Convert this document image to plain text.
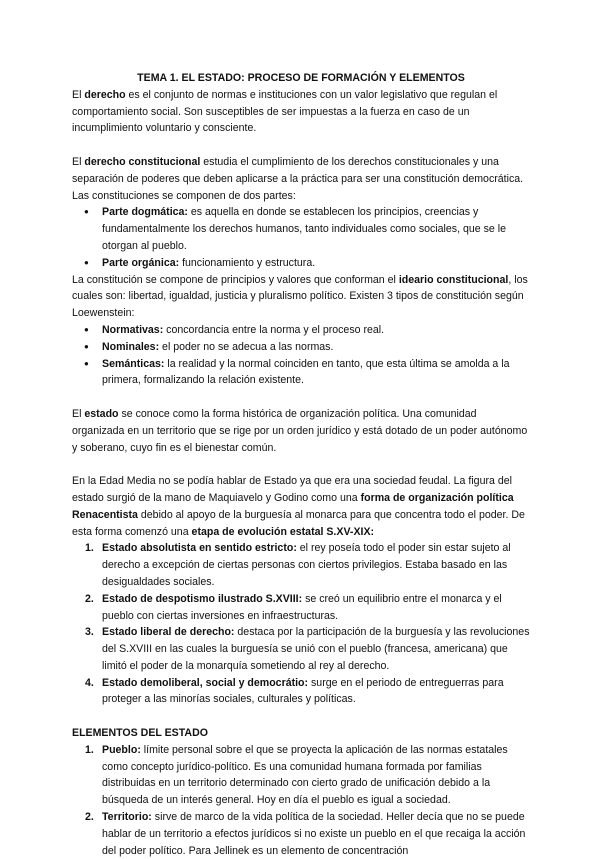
TEMA 1. EL ESTADO: PROCESO DE FORMACIÓN Y ELEMENTOS

El derecho es el conjunto de normas e instituciones con un valor legislativo que regulan el comportamiento social. Son susceptibles de ser impuestas a la fuerza en caso de un incumplimiento voluntario y consciente.

El derecho constitucional estudia el cumplimiento de los derechos constitucionales y una separación de poderes que deben aplicarse a la práctica para ser una constitución democrática. Las constituciones se componen de dos partes:

● Parte dogmática: es aquella en donde se establecen los principios, creencias y fundamentalmente los derechos humanos, tanto individuales como sociales, que se le otorgan al pueblo.
● Parte orgánica: funcionamiento y estructura.

La constitución se compone de principios y valores que conforman el ideario constitucional, los cuales son: libertad, igualdad, justicia y pluralismo político. Existen 3 tipos de constitución según Loewenstein:

● Normativas: concordancia entre la norma y el proceso real.
● Nominales: el poder no se adecua a las normas.
● Semánticas: la realidad y la normal coinciden en tanto, que esta última se amolda a la primera, formalizando la relación existente.

El estado se conoce como la forma histórica de organización política. Una comunidad organizada en un territorio que se rige por un orden jurídico y está dotado de un poder autónomo y soberano, cuyo fin es el bienestar común.

En la Edad Media no se podía hablar de Estado ya que era una sociedad feudal. La figura del estado surgió de la mano de Maquiavelo y Godino como una forma de organización política Renacentista debido al apoyo de la burguesía al monarca para que concentra todo el poder. De esta forma comenzó una etapa de evolución estatal S.XV-XIX:

1. Estado absolutista en sentido estricto: el rey poseía todo el poder sin estar sujeto al derecho a excepción de ciertas personas con ciertos privilegios. Estaba basado en las desigualdades sociales.
2. Estado de despotismo ilustrado S.XVIII: se creó un equilibrio entre el monarca y el pueblo con ciertas inversiones en infraestructuras.
3. Estado liberal de derecho: destaca por la participación de la burguesía y las revoluciones del S.XVIII en las cuales la burguesía se unió con el pueblo (francesa, americana) que limitó el poder de la monarquía sometiendo al rey al derecho.
4. Estado demoliberal, social y democrátio: surge en el periodo de entreguerras para proteger a las minorías sociales, culturales y políticas.

ELEMENTOS DEL ESTADO

1. Pueblo: límite personal sobre el que se proyecta la aplicación de las normas estatales como concepto jurídico-político. Es una comunidad humana formada por familias distribuidas en un territorio determinado con cierto grado de unificación debido a la búsqueda de un interés general. Hoy en día el pueblo es igual a sociedad.
2. Territorio: sirve de marco de la vida política de la sociedad. Heller decía que no se puede hablar de un territorio a efectos jurídicos si no existe un pueblo en el que recaiga la acción del poder político. Para Jellinek es un elemento de concentración
